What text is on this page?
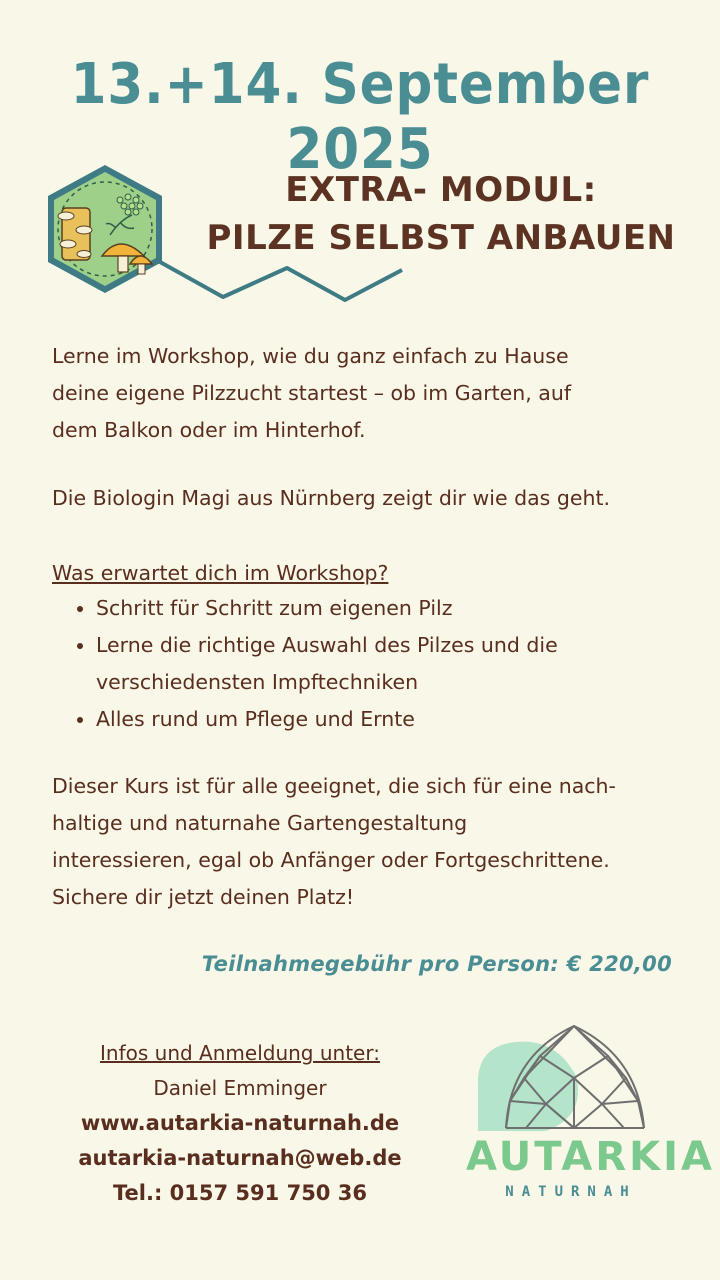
13.+14. September 2025
EXTRA- MODUL:
PILZE SELBST ANBAUEN
Lerne im Workshop, wie du ganz einfach zu Hause
deine eigene Pilzzucht startest – ob im Garten, auf
dem Balkon oder im Hinterhof.
Die Biologin Magi aus Nürnberg zeigt dir wie das geht.
Was erwartet dich im Workshop?
• Schritt für Schritt zum eigenen Pilz
• Lerne die richtige Auswahl des Pilzes und die verschiedensten Impftechniken
• Alles rund um Pflege und Ernte
Dieser Kurs ist für alle geeignet, die sich für eine nach-
haltige und naturnahe Gartengestaltung
interessieren, egal ob Anfänger oder Fortgeschrittene.
Sichere dir jetzt deinen Platz!
Teilnahmegebühr pro Person: € 220,00
Infos und Anmeldung unter:
Daniel Emminger
www.autarkia-naturnah.de
autarkia-naturnah@web.de
Tel.: 0157 591 750 36
AUTARKIA
NATURNAH
